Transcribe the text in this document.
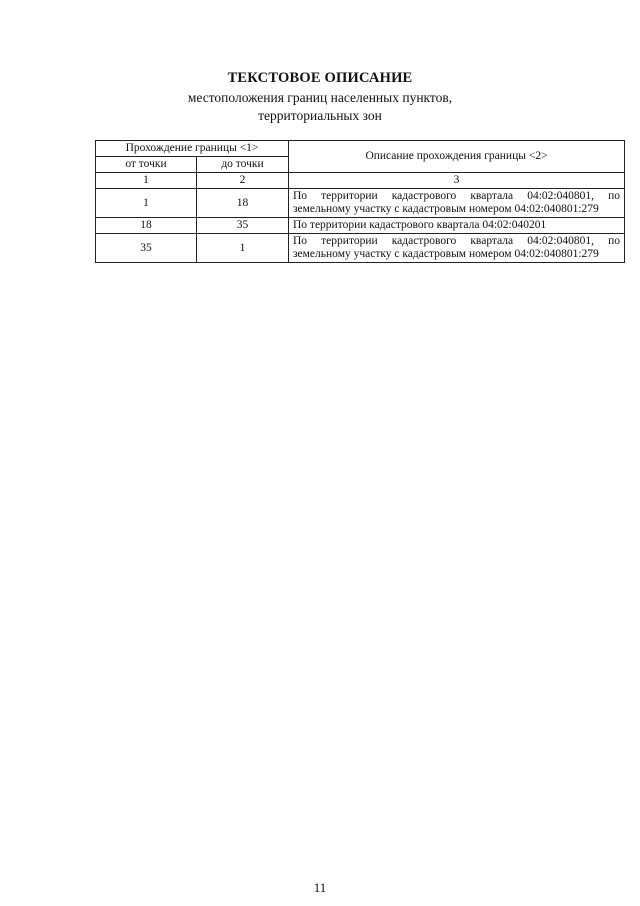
ТЕКСТОВОЕ ОПИСАНИЕ
местоположения границ населенных пунктов,
территориальных зон
Прохождение границы <1>		Описание прохождения границы <2>
от точки	до точки	
1	2	3
1	18	По территории кадастрового квартала 04:02:040801, по земельному участку с кадастровым номером 04:02:040801:279
18	35	По территории кадастрового квартала 04:02:040201
35	1	По территории кадастрового квартала 04:02:040801, по земельному участку с кадастровым номером 04:02:040801:279
11
